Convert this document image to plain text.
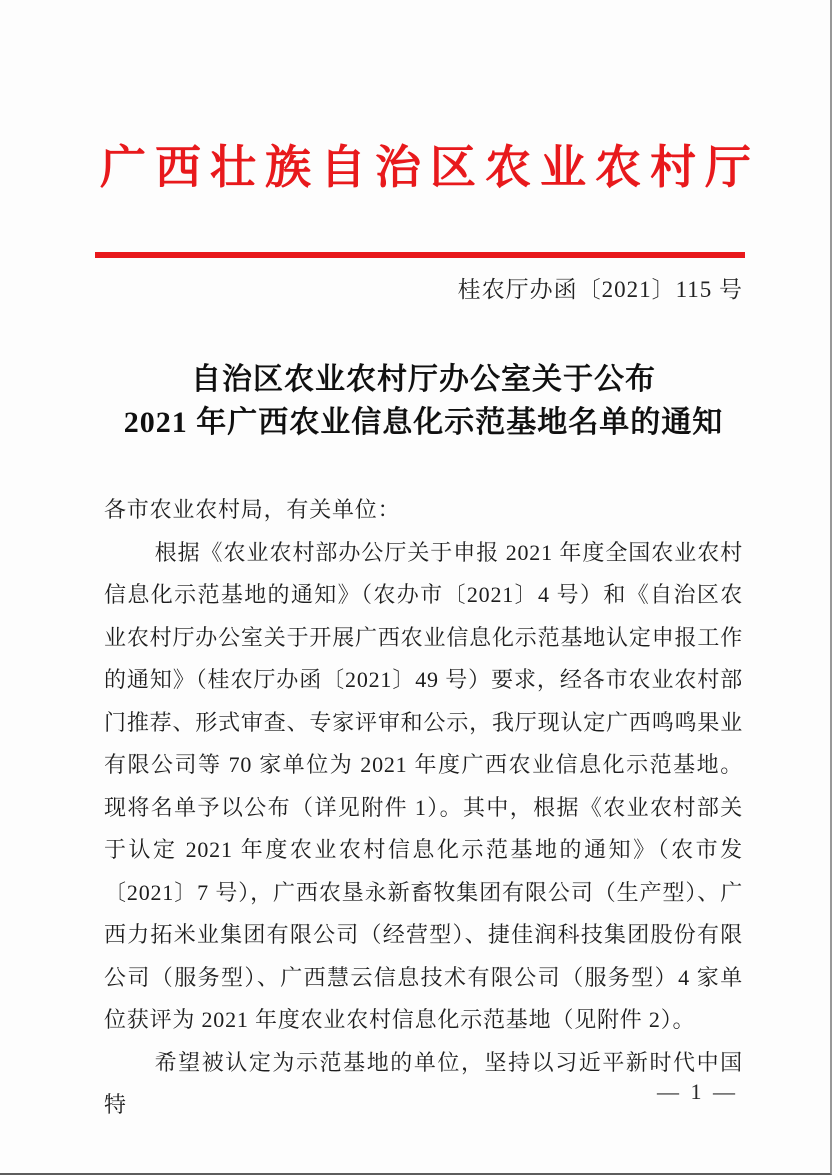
广西壮族自治区农业农村厅
桂农厅办函〔2021〕115 号
自治区农业农村厅办公室关于公布
2021 年广西农业信息化示范基地名单的通知
各市农业农村局，有关单位：

根据《农业农村部办公厅关于申报 2021 年度全国农业农村信息化示范基地的通知》（农办市〔2021〕4 号）和《自治区农业农村厅办公室关于开展广西农业信息化示范基地认定申报工作的通知》（桂农厅办函〔2021〕49 号）要求，经各市农业农村部门推荐、形式审查、专家评审和公示，我厅现认定广西鸣鸣果业有限公司等 70 家单位为 2021 年度广西农业信息化示范基地。现将名单予以公布（详见附件 1）。其中，根据《农业农村部关于认定 2021 年度农业农村信息化示范基地的通知》（农市发〔2021〕7 号），广西农垦永新畜牧集团有限公司（生产型）、广西力拓米业集团有限公司（经营型）、捷佳润科技集团股份有限公司（服务型）、广西慧云信息技术有限公司（服务型）4 家单位获评为 2021 年度农业农村信息化示范基地（见附件 2）。

希望被认定为示范基地的单位，坚持以习近平新时代中国特

— 1 —
